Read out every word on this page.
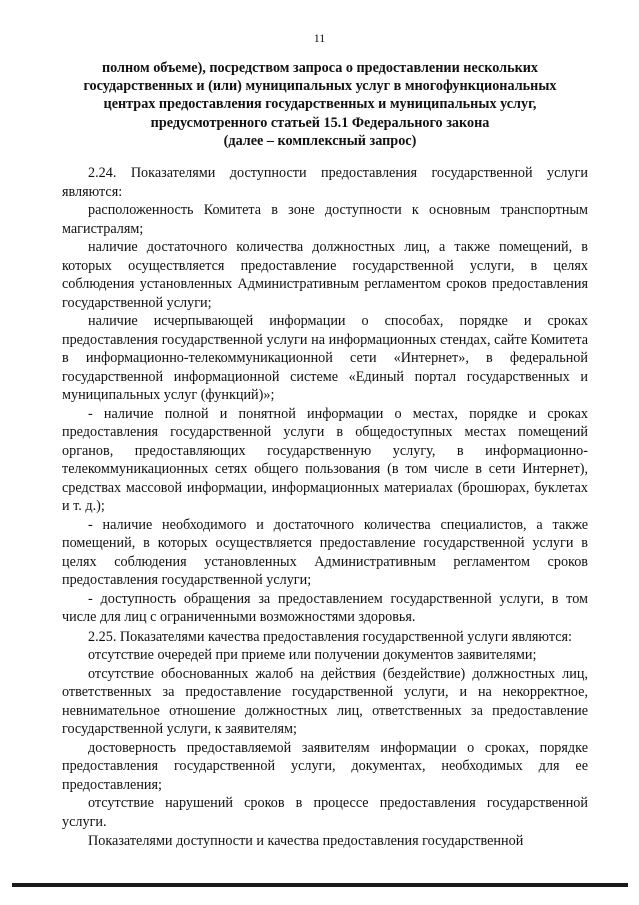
11
полном объеме), посредством запроса о предоставлении нескольких
государственных и (или) муниципальных услуг в многофункциональных
центрах предоставления государственных и муниципальных услуг,
предусмотренного статьей 15.1 Федерального закона
(далее – комплексный запрос)

2.24. Показателями доступности предоставления государственной услуги являются:

расположенность Комитета в зоне доступности к основным транспортным магистралям;

наличие достаточного количества должностных лиц, а также помещений, в которых осуществляется предоставление государственной услуги, в целях соблюдения установленных Административным регламентом сроков предоставления государственной услуги;

наличие исчерпывающей информации о способах, порядке и сроках предоставления государственной услуги на информационных стендах, сайте Комитета в информационно-телекоммуникационной сети «Интернет», в федеральной государственной информационной системе «Единый портал государственных и муниципальных услуг (функций)»;

- наличие полной и понятной информации о местах, порядке и сроках предоставления государственной услуги в общедоступных местах помещений органов, предоставляющих государственную услугу, в информационно-телекоммуникационных сетях общего пользования (в том числе в сети Интернет), средствах массовой информации, информационных материалах (брошюрах, буклетах и т. д.);

- наличие необходимого и достаточного количества специалистов, а также помещений, в которых осуществляется предоставление государственной услуги в целях соблюдения установленных Административным регламентом сроков предоставления государственной услуги;

- доступность обращения за предоставлением государственной услуги, в том числе для лиц с ограниченными возможностями здоровья.

2.25. Показателями качества предоставления государственной услуги являются:

отсутствие очередей при приеме или получении документов заявителями;

отсутствие обоснованных жалоб на действия (бездействие) должностных лиц, ответственных за предоставление государственной услуги, и на некорректное, невнимательное отношение должностных лиц, ответственных за предоставление государственной услуги, к заявителям;

достоверность предоставляемой заявителям информации о сроках, порядке предоставления государственной услуги, документах, необходимых для ее предоставления;

отсутствие нарушений сроков в процессе предоставления государственной услуги.

Показателями доступности и качества предоставления государственной
